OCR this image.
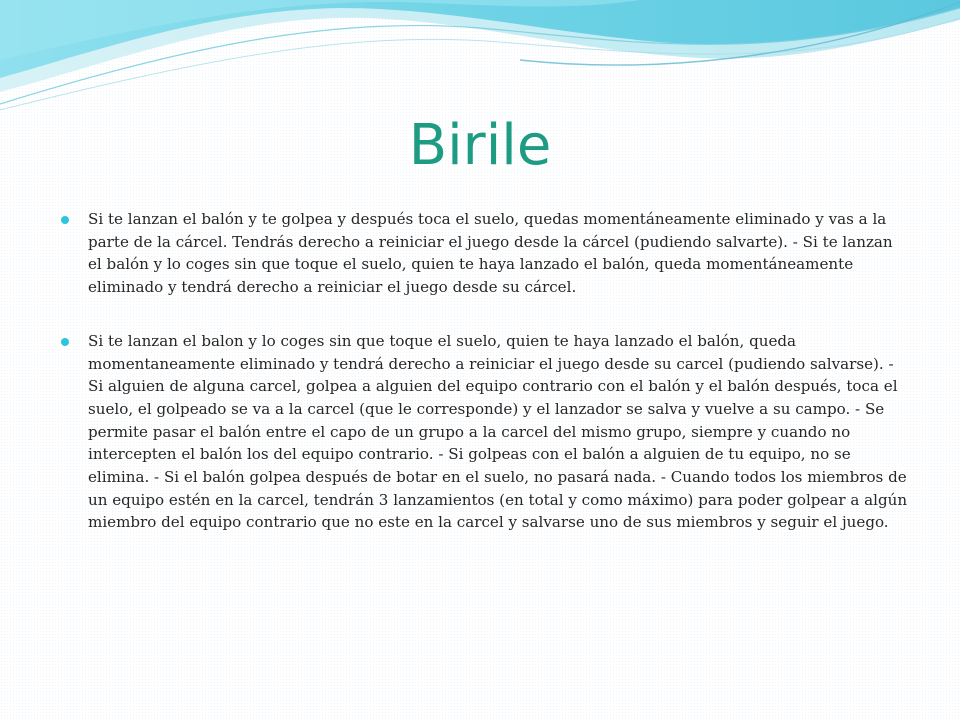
Birile
Si te lanzan el balón y te golpea y después toca el suelo, quedas momentáneamente eliminado y vas a la parte de la cárcel. Tendrás derecho a reiniciar el juego desde la cárcel (pudiendo salvarte). - Si te lanzan el balón y lo coges sin que toque el suelo, quien te haya lanzado el balón, queda momentáneamente eliminado y tendrá derecho a reiniciar el juego desde su cárcel.
Si te lanzan el balon y lo coges sin que toque el suelo, quien te haya lanzado el balón, queda momentaneamente eliminado y tendrá derecho a reiniciar el juego desde su carcel (pudiendo salvarse). - Si alguien de alguna carcel, golpea a alguien del equipo contrario con el balón y el balón después, toca el suelo, el golpeado se va a la carcel (que le corresponde) y el lanzador se salva y vuelve a su campo. - Se permite pasar el balón entre el capo de un grupo a la carcel del mismo grupo, siempre y cuando no intercepten el balón los del equipo contrario. - Si golpeas con el balón a alguien de tu equipo, no se elimina. - Si el balón golpea después de botar en el suelo, no pasará nada. - Cuando todos los miembros de un equipo estén en la carcel, tendrán 3 lanzamientos (en total y como máximo) para poder golpear a algún miembro del equipo contrario que no este en la carcel y salvarse uno de sus miembros y seguir el juego.
